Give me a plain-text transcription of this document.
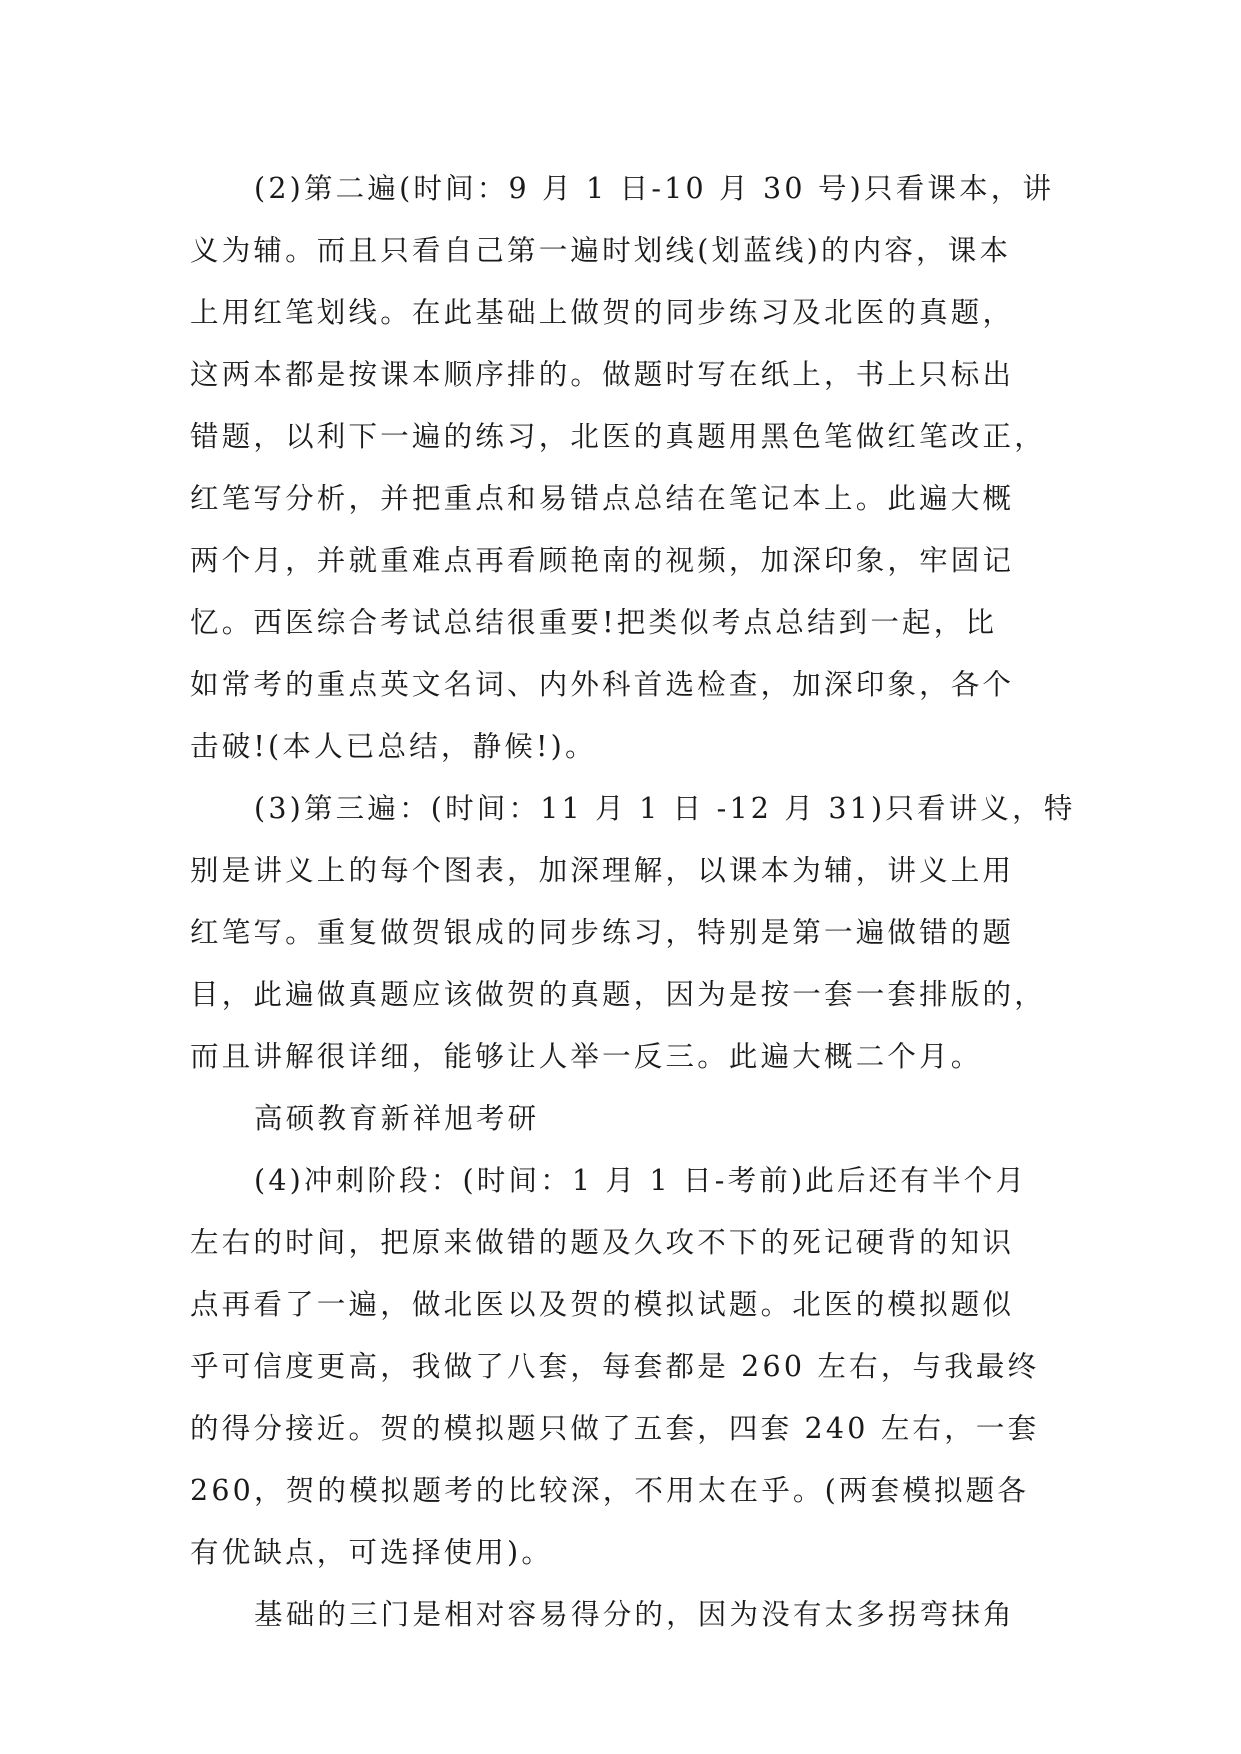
(2)第二遍(时间：9 月 1 日-10 月 30 号)只看课本，讲
义为辅。而且只看自己第一遍时划线(划蓝线)的内容，课本
上用红笔划线。在此基础上做贺的同步练习及北医的真题，
这两本都是按课本顺序排的。做题时写在纸上，书上只标出
错题，以利下一遍的练习，北医的真题用黑色笔做红笔改正，
红笔写分析，并把重点和易错点总结在笔记本上。此遍大概
两个月，并就重难点再看顾艳南的视频，加深印象，牢固记
忆。西医综合考试总结很重要!把类似考点总结到一起，比
如常考的重点英文名词、内外科首选检查，加深印象，各个
击破!(本人已总结，静候!)。
(3)第三遍：(时间：11 月 1 日 -12 月 31)只看讲义，特
别是讲义上的每个图表，加深理解，以课本为辅，讲义上用
红笔写。重复做贺银成的同步练习，特别是第一遍做错的题
目，此遍做真题应该做贺的真题，因为是按一套一套排版的，
而且讲解很详细，能够让人举一反三。此遍大概二个月。
高硕教育新祥旭考研
(4)冲刺阶段：(时间：1 月 1 日-考前)此后还有半个月
左右的时间，把原来做错的题及久攻不下的死记硬背的知识
点再看了一遍，做北医以及贺的模拟试题。北医的模拟题似
乎可信度更高，我做了八套，每套都是 260 左右，与我最终
的得分接近。贺的模拟题只做了五套，四套 240 左右，一套
260，贺的模拟题考的比较深，不用太在乎。(两套模拟题各
有优缺点，可选择使用)。
基础的三门是相对容易得分的，因为没有太多拐弯抹角
